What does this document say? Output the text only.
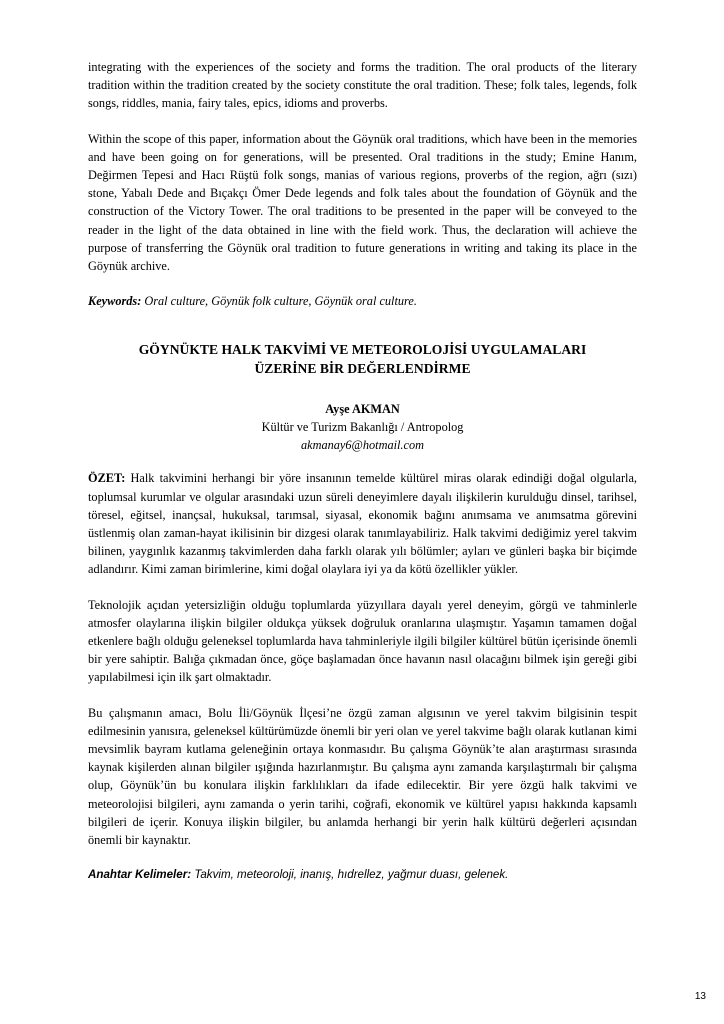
integrating with the experiences of the society and forms the tradition. The oral products of the literary tradition within the tradition created by the society constitute the oral tradition. These; folk tales, legends, folk songs, riddles, mania, fairy tales, epics, idioms and proverbs.

Within the scope of this paper, information about the Göynük oral traditions, which have been in the memories and have been going on for generations, will be presented. Oral traditions in the study; Emine Hanım, Değirmen Tepesi and Hacı Rüştü folk songs, manias of various regions, proverbs of the region, ağrı (sızı) stone, Yabalı Dede and Bıçakçı Ömer Dede legends and folk tales about the foundation of Göynük and the construction of the Victory Tower. The oral traditions to be presented in the paper will be conveyed to the reader in the light of the data obtained in line with the field work. Thus, the declaration will achieve the purpose of transferring the Göynük oral tradition to future generations in writing and taking its place in the Göynük archive.

Keywords: Oral culture, Göynük folk culture, Göynük oral culture.

GÖYNÜKTE HALK TAKVİMİ VE METEOROLOJİSİ UYGULAMALARI
ÜZERİNE BİR DEĞERLENDİRME
Ayşe AKMAN
Kültür ve Turizm Bakanlığı / Antropolog
akmanay6@hotmail.com

ÖZET: Halk takvimini herhangi bir yöre insanının temelde kültürel miras olarak edindiği doğal olgularla, toplumsal kurumlar ve olgular arasındaki uzun süreli deneyimlere dayalı ilişkilerin kurulduğu dinsel, tarihsel, töresel, eğitsel, inançsal, hukuksal, tarımsal, siyasal, ekonomik bağını anımsama ve anımsatma görevini üstlenmiş olan zaman-hayat ikilisinin bir dizgesi olarak tanımlayabiliriz. Halk takvimi dediğimiz yerel takvim bilinen, yaygınlık kazanmış takvimlerden daha farklı olarak yılı bölümler; ayları ve günleri başka bir biçimde adlandırır. Kimi zaman birimlerine, kimi doğal olaylara iyi ya da kötü özellikler yükler.

Teknolojik açıdan yetersizliğin olduğu toplumlarda yüzyıllara dayalı yerel deneyim, görgü ve tahminlerle atmosfer olaylarına ilişkin bilgiler oldukça yüksek doğruluk oranlarına ulaşmıştır. Yaşamın tamamen doğal etkenlere bağlı olduğu geleneksel toplumlarda hava tahminleriyle ilgili bilgiler kültürel bütün içerisinde önemli bir yere sahiptir. Balığa çıkmadan önce, göçe başlamadan önce havanın nasıl olacağını bilmek işin gereği gibi yapılabilmesi için ilk şart olmaktadır.

Bu çalışmanın amacı, Bolu İli/Göynük İlçesi’ne özgü zaman algısının ve yerel takvim bilgisinin tespit edilmesinin yanısıra, geleneksel kültürümüzde önemli bir yeri olan ve yerel takvime bağlı olarak kutlanan kimi mevsimlik bayram kutlama geleneğinin ortaya konmasıdır. Bu çalışma Göynük’te alan araştırması sırasında kaynak kişilerden alınan bilgiler ışığında hazırlanmıştır. Bu çalışma aynı zamanda karşılaştırmalı bir çalışma olup, Göynük’ün bu konulara ilişkin farklılıkları da ifade edilecektir. Bir yere özgü halk takvimi ve meteorolojisi bilgileri, aynı zamanda o yerin tarihi, coğrafi, ekonomik ve kültürel yapısı hakkında kapsamlı bilgileri de içerir. Konuya ilişkin bilgiler, bu anlamda herhangi bir yerin halk kültürü değerleri açısından önemli bir kaynaktır.

Anahtar Kelimeler: Takvim, meteoroloji, inanış, hıdrellez, yağmur duası, gelenek.

13
